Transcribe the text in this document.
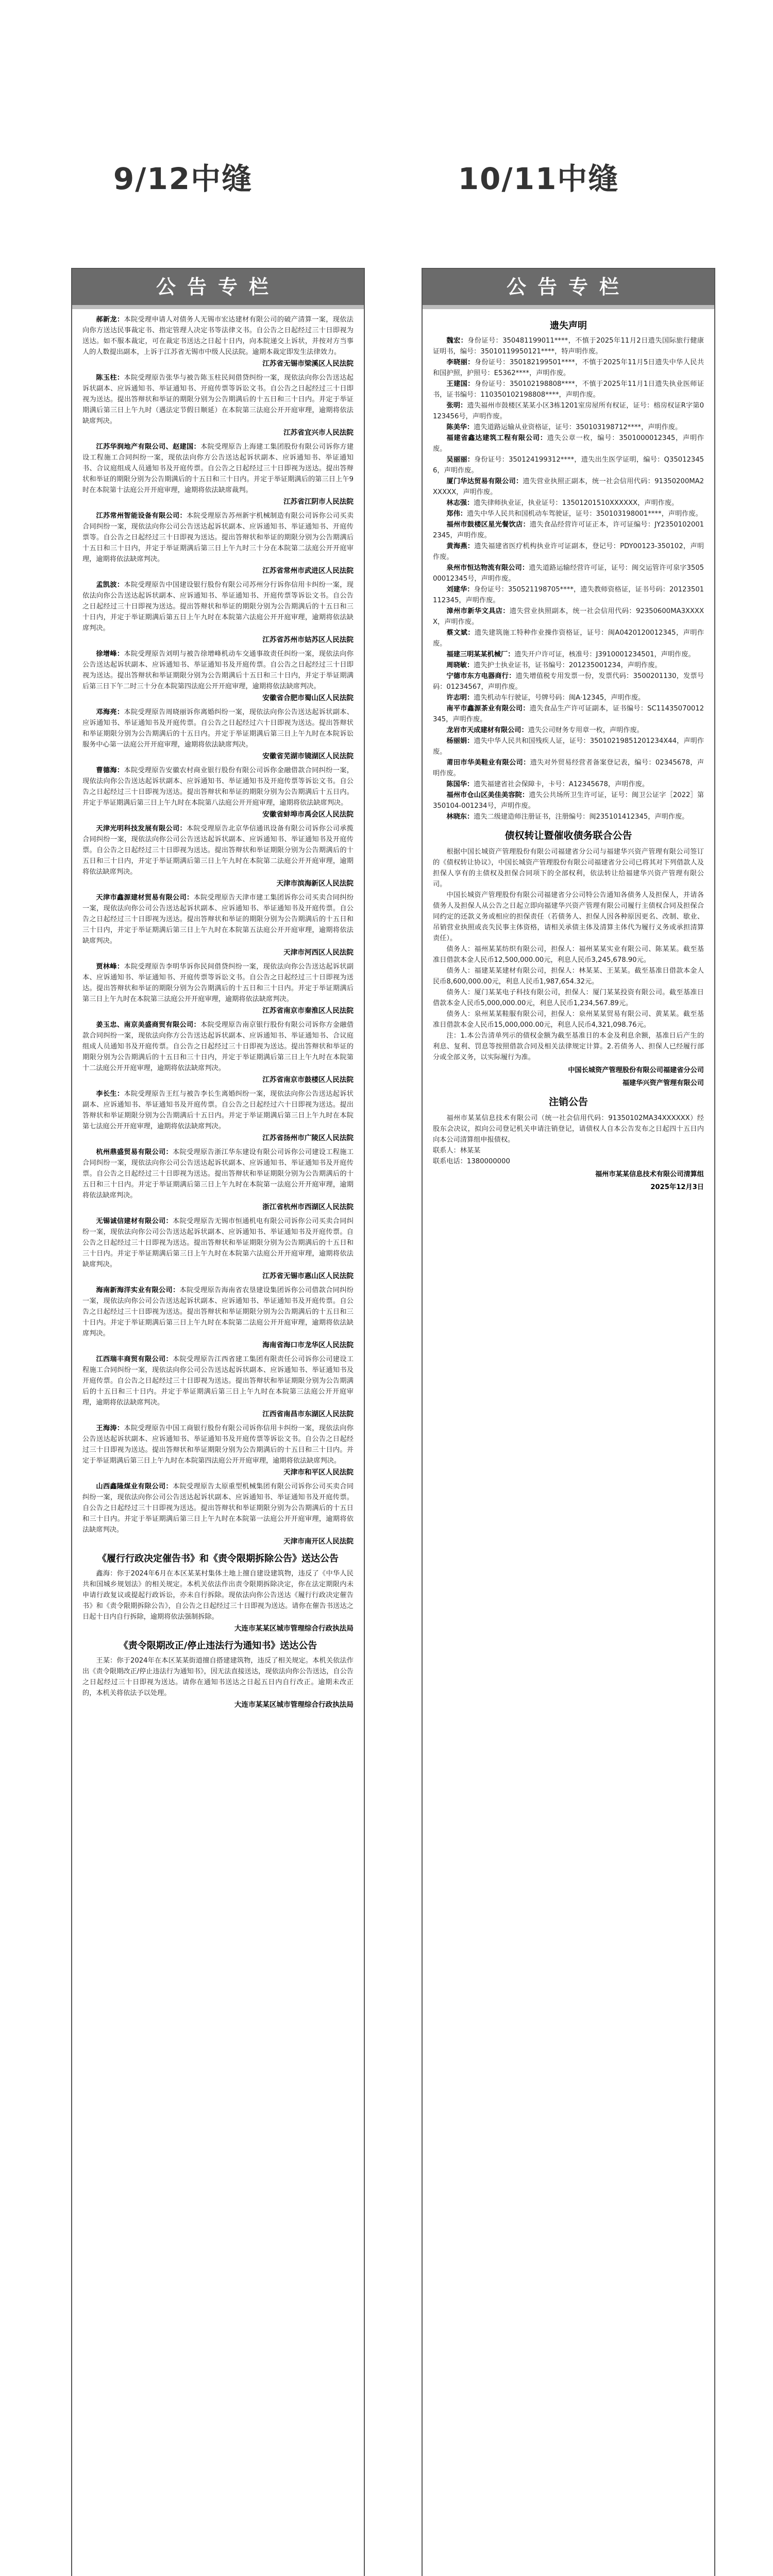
9/12中缝	10/11中缝
公告专栏

郝新龙：本院受理申请人对债务人无锡市宏达建材有限公司的破产清算一案，现依法向你方送达民事裁定书、指定管理人决定书等法律文书。自公告之日起经过三十日即视为送达。如不服本裁定，可在裁定书送达之日起十日内，向本院递交上诉状，并按对方当事人的人数提出副本，上诉于江苏省无锡市中级人民法院。逾期本裁定即发生法律效力。

江苏省无锡市梁溪区人民法院

陈玉柱：本院受理原告张华与被告陈玉柱民间借贷纠纷一案，现依法向你公告送达起诉状副本、应诉通知书、举证通知书、开庭传票等诉讼文书。自公告之日起经过三十日即视为送达。提出答辩状和举证的期限分别为公告期满后的十五日和三十日内。并定于举证期满后第三日上午九时（遇法定节假日顺延）在本院第三法庭公开开庭审理，逾期将依法缺席判决。

江苏省宜兴市人民法院

江苏华润地产有限公司、赵建国：本院受理原告上海建工集团股份有限公司诉你方建设工程施工合同纠纷一案，现依法向你方公告送达起诉状副本、应诉通知书、举证通知书、合议庭组成人员通知书及开庭传票。自公告之日起经过三十日即视为送达。提出答辩状和举证的期限分别为公告期满后的十五日和三十日内。并定于举证期满后的第三日上午9时在本院第十法庭公开开庭审理，逾期将依法缺席裁判。

江苏省江阴市人民法院

江苏常州智能设备有限公司：本院受理原告苏州新宇机械制造有限公司诉你公司买卖合同纠纷一案，现依法向你公司公告送达起诉状副本、应诉通知书、举证通知书、开庭传票等。自公告之日起经过三十日即视为送达。提出答辩状和举证的期限分别为公告期满后十五日和三十日内，并定于举证期满后第三日上午九时三十分在本院第二法庭公开开庭审理，逾期将依法缺席判决。

江苏省常州市武进区人民法院

孟凯波：本院受理原告中国建设银行股份有限公司苏州分行诉你信用卡纠纷一案，现依法向你公告送达起诉状副本、应诉通知书、举证通知书、开庭传票等诉讼文书。自公告之日起经过三十日即视为送达。提出答辩状和举证的期限分别为公告期满后的十五日和三十日内，并定于举证期满后第五日上午九时在本院第六法庭公开开庭审理，逾期将依法缺席判决。

江苏省苏州市姑苏区人民法院

徐增峰：本院受理原告刘明与被告徐增峰机动车交通事故责任纠纷一案，现依法向你公告送达起诉状副本、应诉通知书、举证通知书及开庭传票。自公告之日起经过三十日即视为送达。提出答辩状和举证期限分别为公告期满后十五日和三十日内，并定于举证期满后第三日下午二时三十分在本院第四法庭公开开庭审理，逾期将依法缺席判决。

安徽省合肥市蜀山区人民法院

邓海亮：本院受理原告周晓丽诉你离婚纠纷一案，现依法向你公告送达起诉状副本、应诉通知书、举证通知书及开庭传票。自公告之日起经过六十日即视为送达。提出答辩状和举证期限分别为公告期满后的十五日内。并定于举证期满后第三日上午九时在本院诉讼服务中心第一法庭公开开庭审理，逾期将依法缺席判决。

安徽省芜湖市镜湖区人民法院

曹德海：本院受理原告安徽农村商业银行股份有限公司诉你金融借款合同纠纷一案，现依法向你公告送达起诉状副本、应诉通知书、举证通知书及开庭传票等诉讼文书。自公告之日起经过三十日即视为送达。提出答辩状和举证的期限分别为公告期满后十五日内。并定于举证期满后第三日上午九时在本院第八法庭公开开庭审理，逾期将依法缺席判决。

安徽省蚌埠市禹会区人民法院

天津光明科技发展有限公司：本院受理原告北京华信通讯设备有限公司诉你公司承揽合同纠纷一案，现依法向你公司公告送达起诉状副本、应诉通知书、举证通知书及开庭传票。自公告之日起经过三十日即视为送达。提出答辩状和举证期限分别为公告期满后的十五日和三十日内，并定于举证期满后第三日上午九时在本院第二法庭公开开庭审理，逾期将依法缺席判决。

天津市滨海新区人民法院

天津市鑫源建材贸易有限公司：本院受理原告天津市建工集团诉你公司买卖合同纠纷一案，现依法向你公司公告送达起诉状副本、应诉通知书、举证通知书及开庭传票。自公告之日起经过三十日即视为送达。提出答辩状和举证的期限分别为公告期满后的十五日和三十日内，并定于举证期满后第三日上午九时在本院第五法庭公开开庭审理，逾期将依法缺席判决。

天津市河西区人民法院

贾林峰：本院受理原告李明华诉你民间借贷纠纷一案，现依法向你公告送达起诉状副本、应诉通知书、举证通知书、开庭传票等诉讼文书。自公告之日起经过三十日即视为送达。提出答辩状和举证的期限分别为公告期满后的十五日和三十日内。并定于举证期满后第三日上午九时在本院第三法庭公开开庭审理，逾期将依法缺席判决。

江苏省南京市秦淮区人民法院

姜玉忠、南京美盛商贸有限公司：本院受理原告南京银行股份有限公司诉你方金融借款合同纠纷一案，现依法向你方公告送达起诉状副本、应诉通知书、举证通知书、合议庭组成人员通知书及开庭传票。自公告之日起经过三十日即视为送达。提出答辩状和举证的期限分别为公告期满后的十五日和三十日内，并定于举证期满后第三日上午九时在本院第十二法庭公开开庭审理，逾期将依法缺席判决。

江苏省南京市鼓楼区人民法院

李长生：本院受理原告王红与被告李长生离婚纠纷一案，现依法向你公告送达起诉状副本、应诉通知书、举证通知书及开庭传票。自公告之日起经过六十日即视为送达。提出答辩状和举证期限分别为公告期满后十五日内。并定于举证期满后第三日上午九时在本院第七法庭公开开庭审理，逾期将依法缺席判决。

江苏省扬州市广陵区人民法院

杭州鼎盛贸易有限公司：本院受理原告浙江华东建设有限公司诉你公司建设工程施工合同纠纷一案，现依法向你公司公告送达起诉状副本、应诉通知书、举证通知书及开庭传票。自公告之日起经过三十日即视为送达。提出答辩状和举证期限分别为公告期满后的十五日和三十日内。并定于举证期满后第三日上午九时在本院第一法庭公开开庭审理，逾期将依法缺席判决。

浙江省杭州市西湖区人民法院

无锡诚信建材有限公司：本院受理原告无锡市恒通机电有限公司诉你公司买卖合同纠纷一案，现依法向你公司公告送达起诉状副本、应诉通知书、举证通知书及开庭传票。自公告之日起经过三十日即视为送达。提出答辩状和举证期限分别为公告期满后的十五日和三十日内。并定于举证期满后第三日上午九时在本院第六法庭公开开庭审理，逾期将依法缺席判决。

江苏省无锡市惠山区人民法院

海南新海洋实业有限公司：本院受理原告海南省农垦建设集团诉你公司借款合同纠纷一案，现依法向你公司公告送达起诉状副本、应诉通知书、举证通知书及开庭传票。自公告之日起经过三十日即视为送达。提出答辩状和举证期限分别为公告期满后的十五日和三十日内。并定于举证期满后第三日上午九时在本院第二法庭公开开庭审理，逾期将依法缺席判决。

海南省海口市龙华区人民法院

江西瑞丰商贸有限公司：本院受理原告江西省建工集团有限责任公司诉你公司建设工程施工合同纠纷一案，现依法向你公司公告送达起诉状副本、应诉通知书、举证通知书及开庭传票。自公告之日起经过三十日即视为送达。提出答辩状和举证期限分别为公告期满后的十五日和三十日内。并定于举证期满后第三日上午九时在本院第三法庭公开开庭审理，逾期将依法缺席判决。

江西省南昌市东湖区人民法院

王海涛：本院受理原告中国工商银行股份有限公司诉你信用卡纠纷一案，现依法向你公告送达起诉状副本、应诉通知书、举证通知书及开庭传票等诉讼文书。自公告之日起经过三十日即视为送达。提出答辩状和举证期限分别为公告期满后的十五日和三十日内。并定于举证期满后第三日上午九时在本院第四法庭公开开庭审理，逾期将依法缺席判决。

天津市和平区人民法院

山西鑫隆煤业有限公司：本院受理原告太原重型机械集团有限公司诉你公司买卖合同纠纷一案，现依法向你公司公告送达起诉状副本、应诉通知书、举证通知书及开庭传票。自公告之日起经过三十日即视为送达。提出答辩状和举证期限分别为公告期满后的十五日和三十日内。并定于举证期满后第三日上午九时在本院第一法庭公开开庭审理，逾期将依法缺席判决。

天津市南开区人民法院
《履行行政决定催告书》和《责令限期拆除公告》送达公告

鑫海：你于2024年6月在本区某某村集体土地上擅自建设建筑物，违反了《中华人民共和国城乡规划法》的相关规定。本机关依法作出责令限期拆除决定，你在法定期限内未申请行政复议或提起行政诉讼，亦未自行拆除。现依法向你公告送达《履行行政决定催告书》和《责令限期拆除公告》，自公告之日起经过三十日即视为送达。请你在催告书送达之日起十日内自行拆除，逾期将依法强制拆除。

大连市某某区城市管理综合行政执法局
《责令限期改正/停止违法行为通知书》送达公告

王某：你于2024年在本区某某街道擅自搭建建筑物，违反了相关规定。本机关依法作出《责令限期改正/停止违法行为通知书》，因无法直接送达，现依法向你公告送达，自公告之日起经过三十日即视为送达。请你在通知书送达之日起五日内自行改正。逾期未改正的，本机关将依法予以处理。

大连市某某区城市管理综合行政执法局
公告专栏
遗失声明

魏宏：身份证号：350481199011****，不慎于2025年11月2日遗失国际旅行健康证明书，编号：35010119950121****，特声明作废。

李晓丽：身份证号：350182199501****，不慎于2025年11月5日遗失中华人民共和国护照，护照号：E5362****，声明作废。

王建国：身份证号：350102198808****，不慎于2025年11月1日遗失执业医师证书，证书编号：110350102198808****，声明作废。

张明：遗失福州市鼓楼区某某小区3栋1201室房屋所有权证，证号：榕房权证R字第0123456号，声明作废。

陈美华：遗失道路运输从业资格证，证号：350103198712****，声明作废。

福建省鑫达建筑工程有限公司：遗失公章一枚，编号：3501000012345，声明作废。

吴丽丽：身份证号：350124199312****，遗失出生医学证明，编号：Q350123456，声明作废。

厦门华达贸易有限公司：遗失营业执照正副本，统一社会信用代码：91350200MA2XXXXX，声明作废。

林志强：遗失律师执业证，执业证号：13501201510XXXXXX，声明作废。

郑伟：遗失中华人民共和国机动车驾驶证，证号：350103198001****，声明作废。

福州市鼓楼区星光餐饮店：遗失食品经营许可证正本，许可证编号：JY23501020012345，声明作废。

黄海燕：遗失福建省医疗机构执业许可证副本，登记号：PDY00123-350102，声明作废。

泉州市恒达物流有限公司：遗失道路运输经营许可证，证号：闽交运管许可泉字350500012345号，声明作废。

刘建华：身份证号：350521198705****，遗失教师资格证，证书号码：20123501112345，声明作废。

漳州市新华文具店：遗失营业执照副本，统一社会信用代码：92350600MA3XXXXX，声明作废。

蔡文斌：遗失建筑施工特种作业操作资格证，证号：闽A0420120012345，声明作废。

福建三明某某机械厂：遗失开户许可证，核准号：J3910001234501，声明作废。

周晓敏：遗失护士执业证书，证书编号：201235001234，声明作废。

宁德市东方电器商行：遗失增值税专用发票一份，发票代码：3500201130，发票号码：01234567，声明作废。

许志明：遗失机动车行驶证，号牌号码：闽A·12345，声明作废。

南平市鑫源茶业有限公司：遗失食品生产许可证副本，证书编号：SC11435070012345，声明作废。

龙岩市天成建材有限公司：遗失公司财务专用章一枚，声明作废。

杨丽娟：遗失中华人民共和国残疾人证，证号：35010219851201234X44，声明作废。

莆田市华美鞋业有限公司：遗失对外贸易经营者备案登记表，编号：02345678，声明作废。

陈国华：遗失福建省社会保障卡，卡号：A12345678，声明作废。

福州市仓山区美佳美容院：遗失公共场所卫生许可证，证号：闽卫公证字［2022］第350104-001234号，声明作废。

林晓东：遗失二级建造师注册证书，注册编号：闽235101412345，声明作废。

债权转让暨催收债务联合公告

根据中国长城资产管理股份有限公司福建省分公司与福建华兴资产管理有限公司签订的《债权转让协议》，中国长城资产管理股份有限公司福建省分公司已将其对下列借款人及担保人享有的主债权及担保合同项下的全部权利，依法转让给福建华兴资产管理有限公司。

中国长城资产管理股份有限公司福建省分公司特公告通知各债务人及担保人，并请各债务人及担保人从公告之日起立即向福建华兴资产管理有限公司履行主债权合同及担保合同约定的还款义务或相应的担保责任（若债务人、担保人因各种原因更名、改制、歇业、吊销营业执照或丧失民事主体资格，请相关承债主体及清算主体代为履行义务或承担清算责任）。

债务人：福州某某纺织有限公司，担保人：福州某某实业有限公司、陈某某。截至基准日借款本金人民币12,500,000.00元，利息人民币3,245,678.90元。

债务人：福建某某建材有限公司，担保人：林某某、王某某。截至基准日借款本金人民币8,600,000.00元，利息人民币1,987,654.32元。

债务人：厦门某某电子科技有限公司，担保人：厦门某某投资有限公司。截至基准日借款本金人民币5,000,000.00元，利息人民币1,234,567.89元。

债务人：泉州某某鞋服有限公司，担保人：泉州某某贸易有限公司、黄某某。截至基准日借款本金人民币15,000,000.00元，利息人民币4,321,098.76元。

注：1.本公告清单列示的债权金额为截至基准日的本金及利息余额，基准日后产生的利息、复利、罚息等按照借款合同及相关法律规定计算。2.若债务人、担保人已经履行部分或全部义务，以实际履行为准。

中国长城资产管理股份有限公司福建省分公司
福建华兴资产管理有限公司
注销公告

福州市某某信息技术有限公司（统一社会信用代码：91350102MA34XXXXXX）经股东会决议，拟向公司登记机关申请注销登记，请债权人自本公告发布之日起四十五日内向本公司清算组申报债权。

联系人：林某某

联系电话：1380000000

福州市某某信息技术有限公司清算组
2025年12月3日
